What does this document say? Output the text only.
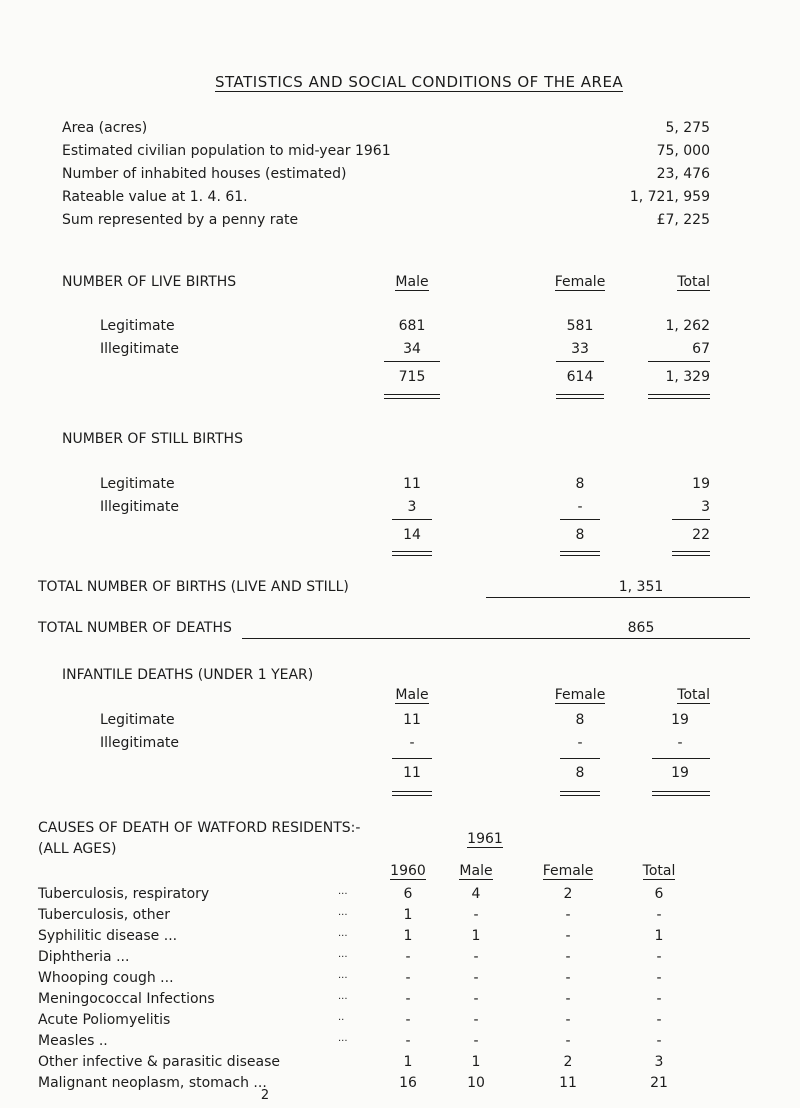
STATISTICS AND SOCIAL CONDITIONS OF THE AREA
Area (acres)	5, 275
Estimated civilian population to mid-year 1961	75, 000
Number of inhabited houses (estimated)	23, 476
Rateable value at 1. 4. 61.	1, 721, 959
Sum represented by a penny rate	£7, 225
NUMBER OF LIVE BIRTHS	Male	Female	Total
Legitimate	681	581	1, 262
Illegitimate	34	33	67
715	614	1, 329
NUMBER OF STILL BIRTHS
Legitimate	11	8	19
Illegitimate	3	-	3
14	8	22
TOTAL NUMBER OF BIRTHS (LIVE AND STILL)	1, 351
TOTAL NUMBER OF DEATHS	865
INFANTILE DEATHS (UNDER 1 YEAR)
Male	Female	Total
Legitimate	11	8	19
Illegitimate	-	-	-
11	8	19
CAUSES OF DEATH OF WATFORD RESIDENTS:-
(ALL AGES)
1961
1960	Male	Female	Total
Tuberculosis, respiratory	...	6	4	2	6
Tuberculosis, other	...	1	-	-	-
Syphilitic disease ...	...	1	1	-	1
Diphtheria ...	...	-	-	-	-
Whooping cough ...	...	-	-	-	-
Meningococcal Infections	...	-	-	-	-
Acute Poliomyelitis	..	-	-	-	-
Measles ..	...	-	-	-	-
Other infective & parasitic disease	1	1	2	3
Malignant neoplasm, stomach ...	16	10	11	21
2
